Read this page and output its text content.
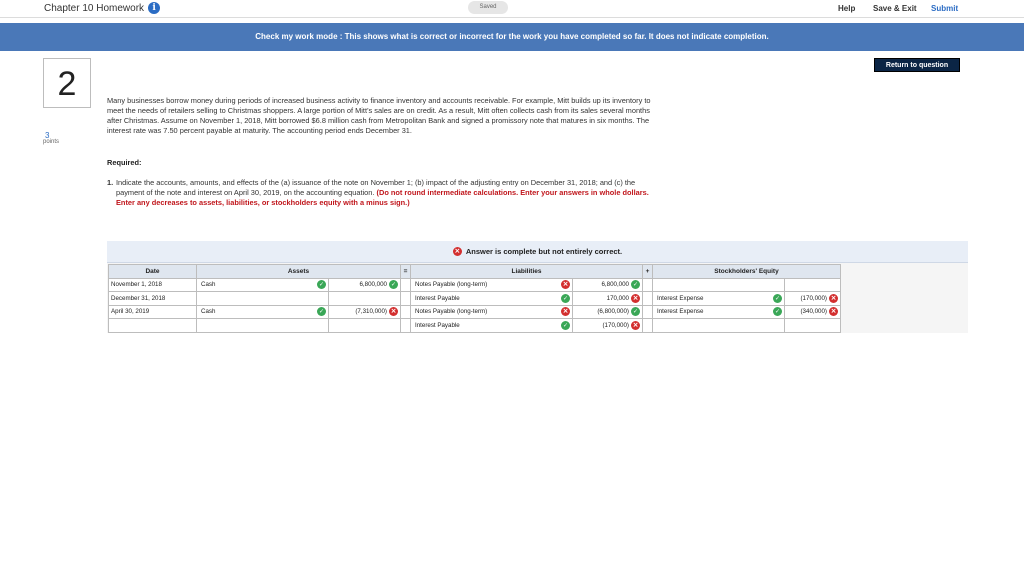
Chapter 10 Homework i	Saved	Help Save & Exit Submit
Check my work mode : This shows what is correct or incorrect for the work you have completed so far. It does not indicate completion.
Return to question
2
3
points
Many businesses borrow money during periods of increased business activity to finance inventory and accounts receivable. For example, Mitt builds up its inventory to meet the needs of retailers selling to Christmas shoppers. A large portion of Mitt’s sales are on credit. As a result, Mitt often collects cash from its sales several months after Christmas. Assume on November 1, 2018, Mitt borrowed $6.8 million cash from Metropolitan Bank and signed a promissory note that matures in six months. The interest rate was 7.50 percent payable at maturity. The accounting period ends December 31.
Required:
1. Indicate the accounts, amounts, and effects of the (a) issuance of the note on November 1; (b) impact of the adjusting entry on December 31, 2018; and (c) the payment of the note and interest on April 30, 2019, on the accounting equation. (Do not round intermediate calculations. Enter your answers in whole dollars. Enter any decreases to assets, liabilities, or stockholders equity with a minus sign.)
× Answer is complete but not entirely correct.
Date	Assets		=	Liabilities		+	Stockholders' Equity	
November 1, 2018	Cash ✓	6,800,000 ✓		Notes Payable (long-term) ×	6,800,000 ✓			

December 31, 2018				Interest Payable ✓	170,000 ×		Interest Expense ✓	(170,000) ×

April 30, 2019	Cash ✓	(7,310,000) ×		Notes Payable (long-term) ×	(6,800,000) ✓		Interest Expense ✓	(340,000) ×

				Interest Payable ✓	(170,000) ×			
